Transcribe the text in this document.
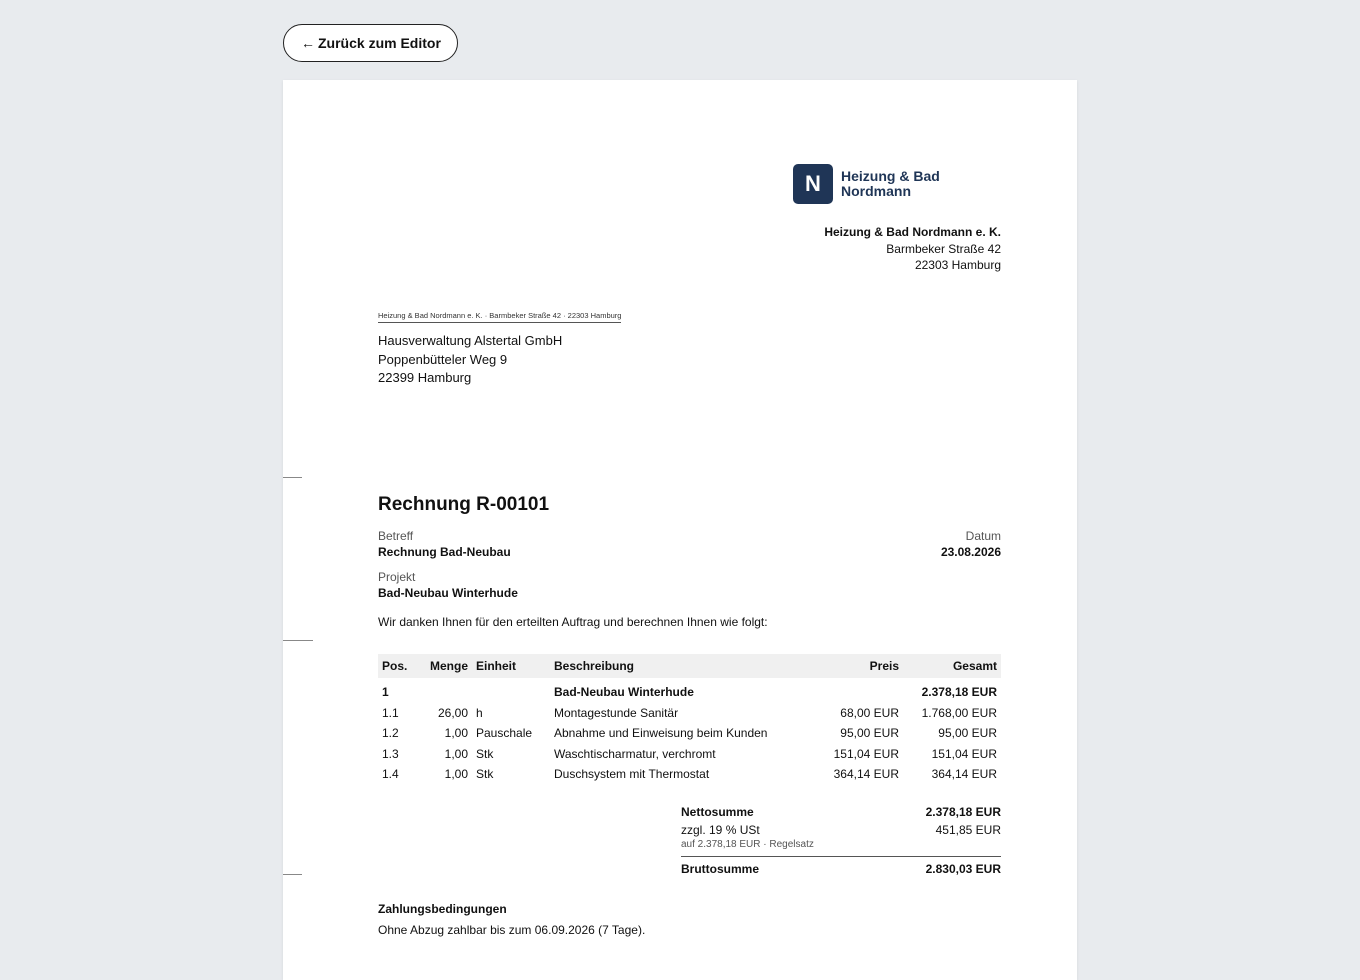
← Zurück zum Editor
N	Heizung & Bad
Nordmann
Heizung & Bad Nordmann e. K.
Barmbeker Straße 42
22303 Hamburg
Heizung & Bad Nordmann e. K. · Barmbeker Straße 42 · 22303 Hamburg
Hausverwaltung Alstertal GmbH
Poppenbütteler Weg 9
22399 Hamburg
Rechnung R-00101
Betreff
Rechnung Bad-Neubau
Datum
23.08.2026
Projekt
Bad-Neubau Winterhude
Wir danken Ihnen für den erteilten Auftrag und berechnen Ihnen wie folgt:
Pos.	Menge	Einheit	Beschreibung	Preis	Gesamt
1			Bad-Neubau Winterhude		2.378,18 EUR
1.1	26,00	h	Montagestunde Sanitär	68,00 EUR	1.768,00 EUR
1.2	1,00	Pauschale	Abnahme und Einweisung beim Kunden	95,00 EUR	95,00 EUR
1.3	1,00	Stk	Waschtischarmatur, verchromt	151,04 EUR	151,04 EUR
1.4	1,00	Stk	Duschsystem mit Thermostat	364,14 EUR	364,14 EUR
Nettosumme	2.378,18 EUR
zzgl. 19 % USt	451,85 EUR
auf 2.378,18 EUR · Regelsatz
Bruttosumme	2.830,03 EUR
Zahlungsbedingungen
Ohne Abzug zahlbar bis zum 06.09.2026 (7 Tage).
